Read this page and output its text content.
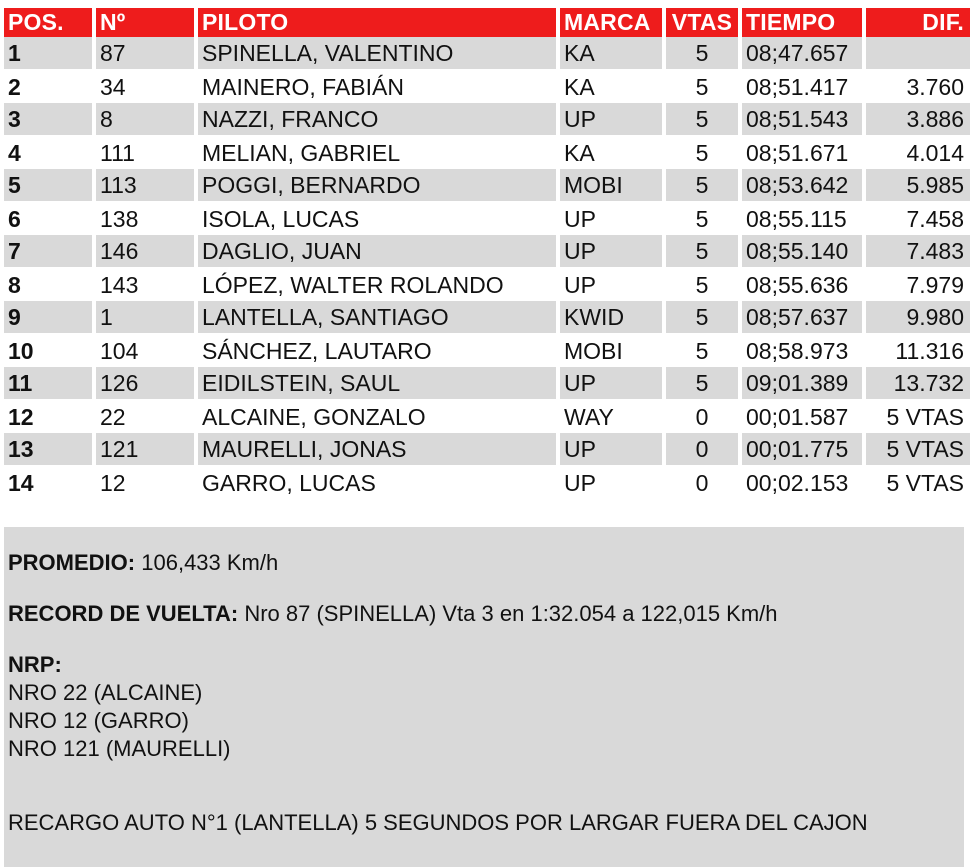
POS.	Nº	PILOTO	MARCA	VTAS	TIEMPO	DIF.
1	87	SPINELLA, VALENTINO	KA	5	08;47.657	
2	34	MAINERO, FABIÁN	KA	5	08;51.417	3.760
3	8	NAZZI, FRANCO	UP	5	08;51.543	3.886
4	111	MELIAN, GABRIEL	KA	5	08;51.671	4.014
5	113	POGGI, BERNARDO	MOBI	5	08;53.642	5.985
6	138	ISOLA, LUCAS	UP	5	08;55.115	7.458
7	146	DAGLIO, JUAN	UP	5	08;55.140	7.483
8	143	LÓPEZ, WALTER ROLANDO	UP	5	08;55.636	7.979
9	1	LANTELLA, SANTIAGO	KWID	5	08;57.637	9.980
10	104	SÁNCHEZ, LAUTARO	MOBI	5	08;58.973	11.316
11	126	EIDILSTEIN, SAUL	UP	5	09;01.389	13.732
12	22	ALCAINE, GONZALO	WAY	0	00;01.587	5 VTAS
13	121	MAURELLI, JONAS	UP	0	00;01.775	5 VTAS
14	12	GARRO, LUCAS	UP	0	00;02.153	5 VTAS

PROMEDIO: 106,433 Km/h

RECORD DE VUELTA: Nro 87 (SPINELLA) Vta 3 en 1:32.054 a 122,015 Km/h

NRP:

NRO 22 (ALCAINE)

NRO 12 (GARRO)

NRO 121 (MAURELLI)

RECARGO AUTO N°1 (LANTELLA) 5 SEGUNDOS POR LARGAR FUERA DEL CAJON
